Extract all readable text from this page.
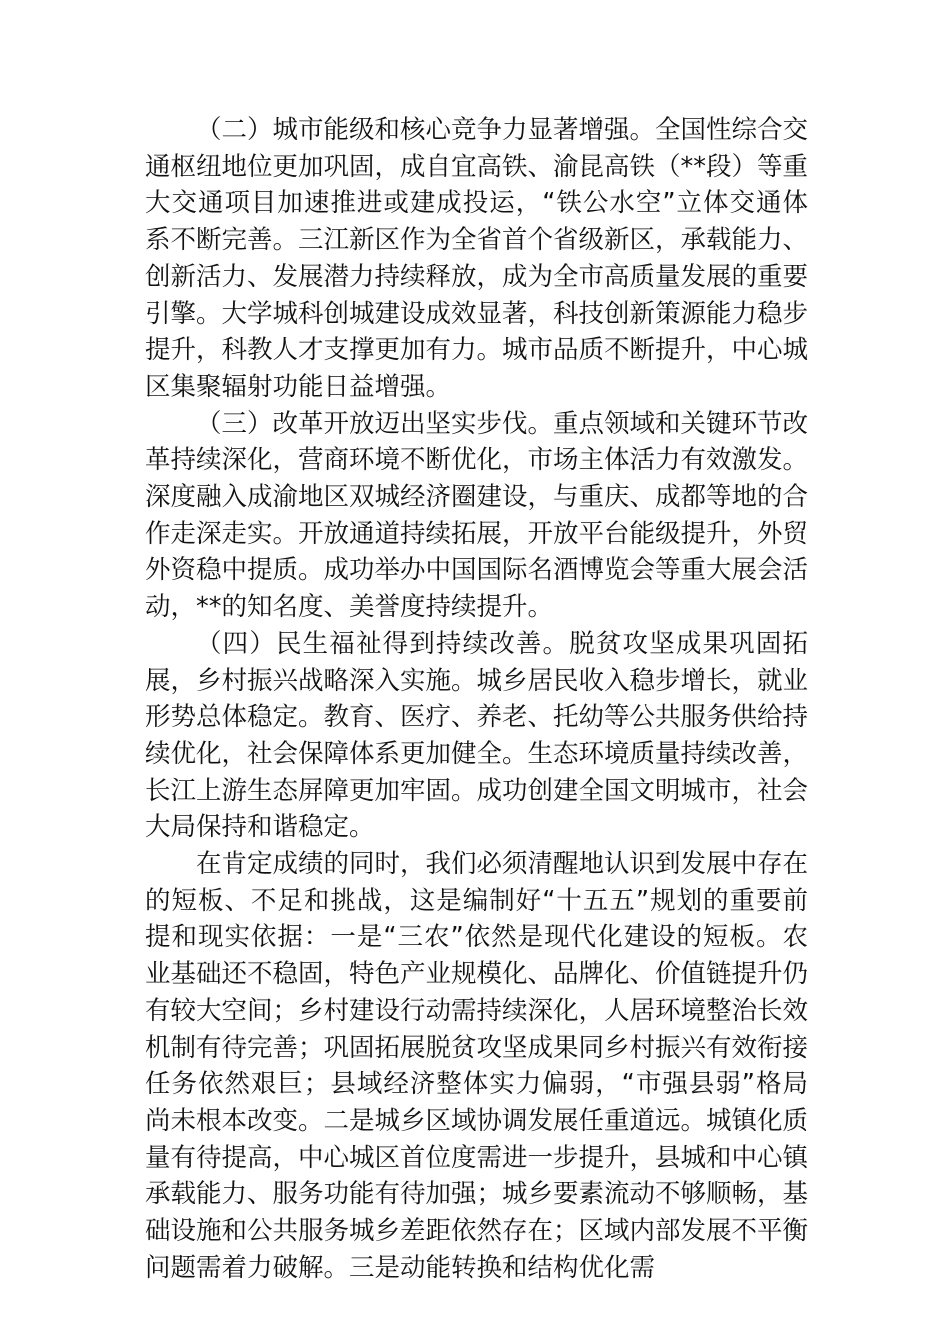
（二）城市能级和核心竞争力显著增强。全国性综合交通枢纽地位更加巩固，成自宜高铁、渝昆高铁（**段）等重大交通项目加速推进或建成投运，“铁公水空”立体交通体系不断完善。三江新区作为全省首个省级新区，承载能力、创新活力、发展潜力持续释放，成为全市高质量发展的重要引擎。大学城科创城建设成效显著，科技创新策源能力稳步提升，科教人才支撑更加有力。城市品质不断提升，中心城区集聚辐射功能日益增强。

（三）改革开放迈出坚实步伐。重点领域和关键环节改革持续深化，营商环境不断优化，市场主体活力有效激发。深度融入成渝地区双城经济圈建设，与重庆、成都等地的合作走深走实。开放通道持续拓展，开放平台能级提升，外贸外资稳中提质。成功举办中国国际名酒博览会等重大展会活动，**的知名度、美誉度持续提升。

（四）民生福祉得到持续改善。脱贫攻坚成果巩固拓展，乡村振兴战略深入实施。城乡居民收入稳步增长，就业形势总体稳定。教育、医疗、养老、托幼等公共服务供给持续优化，社会保障体系更加健全。生态环境质量持续改善，长江上游生态屏障更加牢固。成功创建全国文明城市，社会大局保持和谐稳定。

在肯定成绩的同时，我们必须清醒地认识到发展中存在的短板、不足和挑战，这是编制好“十五五”规划的重要前提和现实依据：一是“三农”依然是现代化建设的短板。农业基础还不稳固，特色产业规模化、品牌化、价值链提升仍有较大空间；乡村建设行动需持续深化，人居环境整治长效机制有待完善；巩固拓展脱贫攻坚成果同乡村振兴有效衔接任务依然艰巨；县域经济整体实力偏弱，“市强县弱”格局尚未根本改变。二是城乡区域协调发展任重道远。城镇化质量有待提高，中心城区首位度需进一步提升，县城和中心镇承载能力、服务功能有待加强；城乡要素流动不够顺畅，基础设施和公共服务城乡差距依然存在；区域内部发展不平衡问题需着力破解。三是动能转换和结构优化需
